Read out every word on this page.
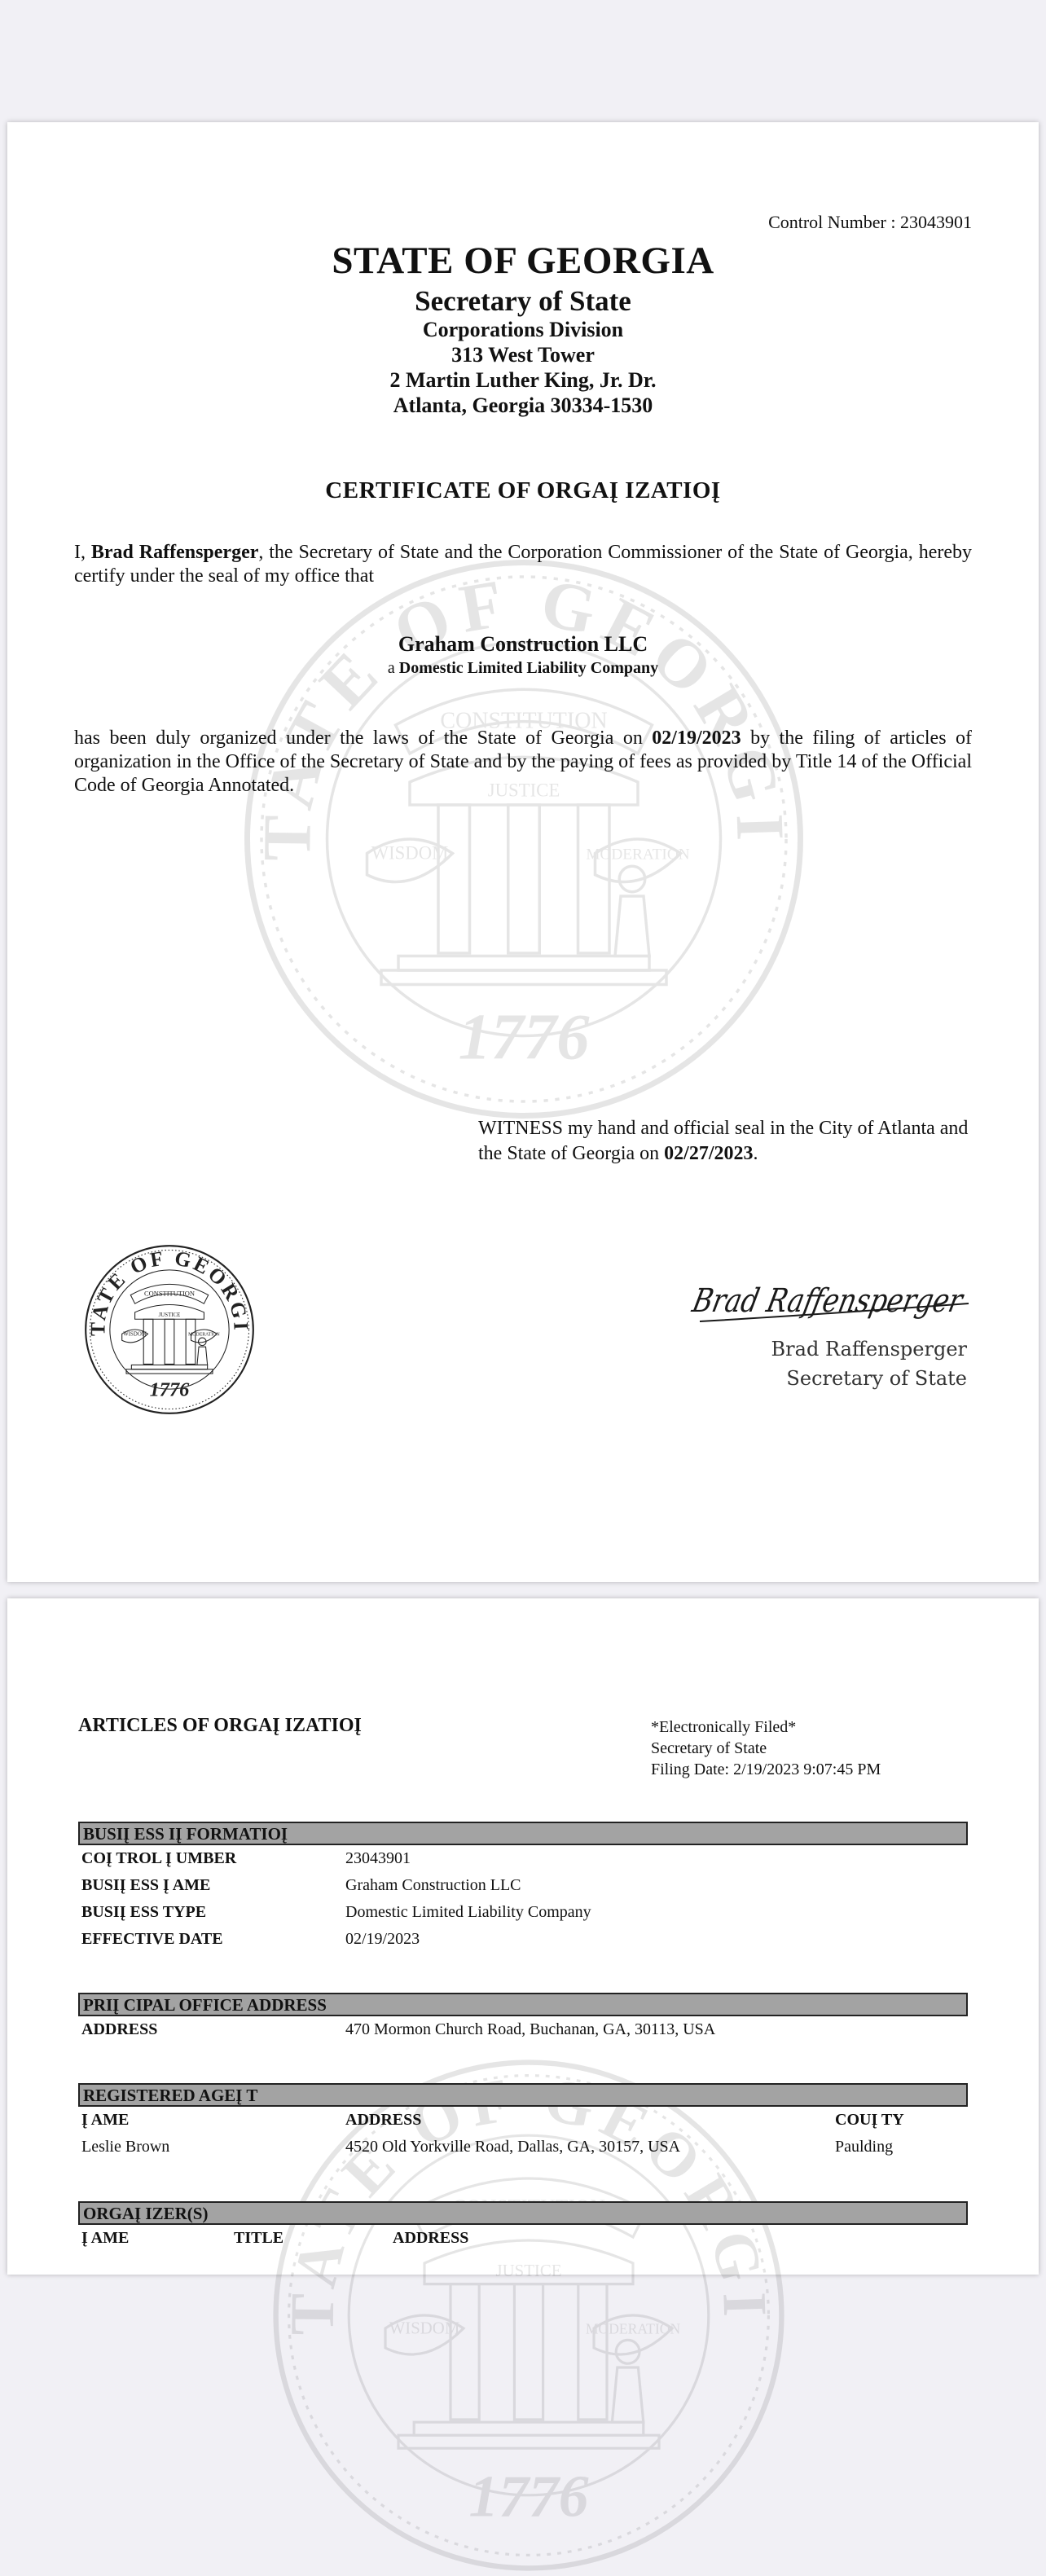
Control Number : 23043901
STATE OF GEORGIA
Secretary of State
Corporations Division
313 West Tower
2 Martin Luther King, Jr. Dr.
Atlanta, Georgia 30334-1530
CERTIFICATE OF ORGAĮ IZATIOĮ
I, Brad Raffensperger, the Secretary of State and the Corporation Commissioner of the State of Georgia, hereby certify under the seal of my office that
Graham Construction LLC
a Domestic Limited Liability Company
has been duly organized under the laws of the State of Georgia on 02/19/2023 by the filing of articles of organization in the Office of the Secretary of State and by the paying of fees as provided by Title 14 of the Official Code of Georgia Annotated.
WITNESS my hand and official seal in the City of Atlanta and the State of Georgia on 02/27/2023.
Brad Raffensperger
Brad Raffensperger
Secretary of State
ARTICLES OF ORGAĮ IZATIOĮ	*Electronically Filed*
Secretary of State
Filing Date: 2/19/2023 9:07:45 PM
BUSIĮ ESS IĮ FORMATIOĮ
COĮ TROL Į UMBER	23043901
BUSIĮ ESS Į AME	Graham Construction LLC
BUSIĮ ESS TYPE	Domestic Limited Liability Company
EFFECTIVE DATE	02/19/2023
PRIĮ CIPAL OFFICE ADDRESS
ADDRESS	470 Mormon Church Road, Buchanan, GA, 30113, USA
REGISTERED AGEĮ T
Į AME	ADDRESS	COUĮ TY
Leslie Brown	4520 Old Yorkville Road, Dallas, GA, 30157, USA	Paulding
ORGAĮ IZER(S)
Į AME	TITLE	ADDRESS
